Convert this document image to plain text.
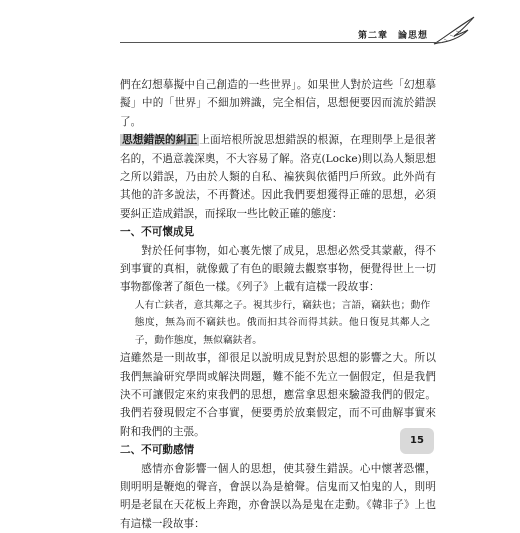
第二章　論思想

們在幻想摹擬中自己創造的一些世界」。如果世人對於這些「幻想摹擬」中的「世界」不細加辨識，完全相信，思想便要因而流於錯誤了。

思想錯誤的糾正 上面培根所說思想錯誤的根源，在理則學上是很著名的，不過意義深奧，不大容易了解。洛克(Locke)則以為人類思想之所以錯誤，乃由於人類的自私、褊狹與依循門戶所致。此外尚有其他的許多說法，不再贅述。因此我們要想獲得正確的思想，必須要糾正造成錯誤，而採取一些比較正確的態度：

一、不可懷成見

對於任何事物，如心裏先懷了成見，思想必然受其蒙蔽，得不到事實的真相，就像戴了有色的眼鏡去觀察事物，便覺得世上一切事物都像著了顏色一樣。《列子》上載有這樣一段故事：

人有亡鈇者，意其鄰之子。視其步行，竊鈇也；言語，竊鈇也；動作態度，無為而不竊鈇也。俄而抇其谷而得其鈇。他日復見其鄰人之子，動作態度，無似竊鈇者。

這雖然是一則故事，卻很足以說明成見對於思想的影響之大。所以我們無論研究學問或解決問題，難不能不先立一個假定，但是我們決不可讓假定來約束我們的思想，應當拿思想來驗證我們的假定。我們若發現假定不合事實，便要勇於放棄假定，而不可曲解事實來附和我們的主張。

二、不可動感情

感情亦會影響一個人的思想，使其發生錯誤。心中懷著恐懼，則明明是鞭炮的聲音，會誤以為是槍聲。信鬼而又怕鬼的人，則明明是老鼠在天花板上奔跑，亦會誤以為是鬼在走動。《韓非子》上也有這樣一段故事：

15
